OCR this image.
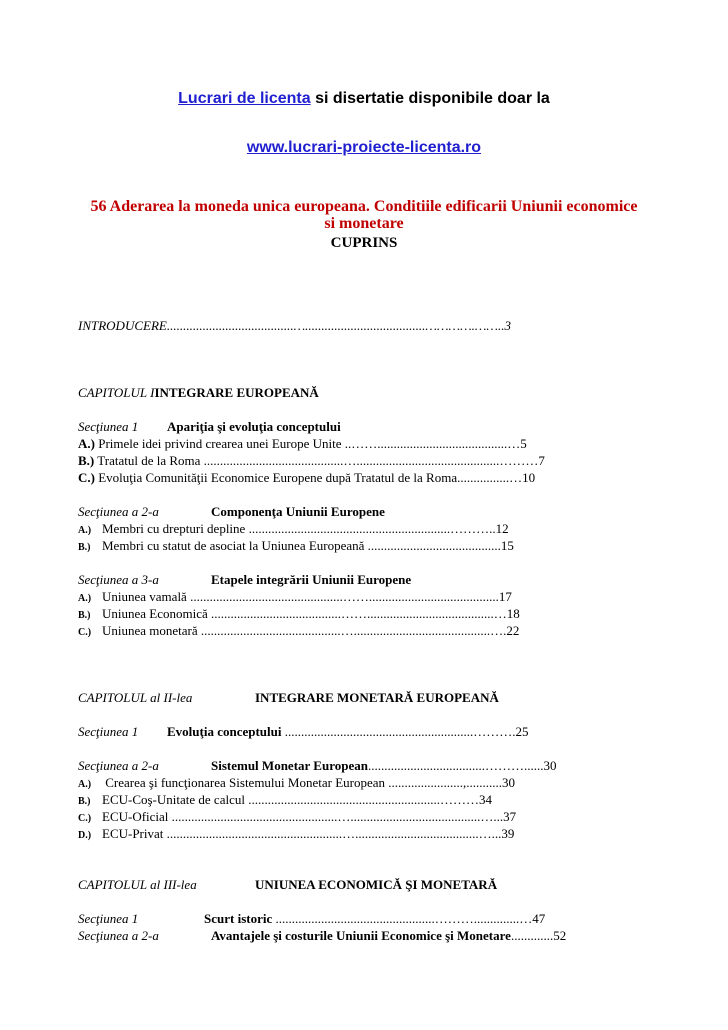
Lucrari de licenta si disertatie disponibile doar la
www.lucrari-proiecte-licenta.ro
56 Aderarea la moneda unica europeana. Conditiile edificarii Uniunii economice
si monetare
CUPRINS
INTRODUCERE.......................................….....................................………….……..3
CAPITOLUL IINTEGRARE EUROPEANĂ
Secţiunea 1 Apariţia şi evoluţia conceptului
A.) Primele idei privind crearea unei Europe Unite ..……........................................…5
B.) Tratatul de la Roma ...........................................…............................................………7
C.) Evoluţia Comunităţii Economice Europene după Tratatul de la Roma................…10
Secţiunea a 2-a	Componenţa Uniunii Europene
A.) Membri cu drepturi depline ..............................................................………..12
B.) Membri cu statut de asociat la Uniunea Europeană .........................................15
Secţiunea a 3-a	Etapele integrării Uniunii Europene
A.) Uniunea vamală ...............................................……........................................17
B.) Uniunea Economică ........................................…….......................................…18
C.) Uniunea monetară ...........................................…..........................................….22
CAPITOLUL al II-lea	INTEGRARE MONETARĂ EUROPEANĂ
Secţiunea 1 Evoluţia conceptului ..........................................................……….25
Secţiunea a 2-a	Sistemul Monetar European....................................………......30
A.) Crearea şi funcţionarea Sistemului Monetar European .......................,...........30
B.) ECU-Coş-Unitate de calcul ...........................................................………34
C.) ECU-Oficial ...................................................…........................................…...37
D.) ECU-Privat ......................................................…......................................…...39
CAPITOLUL al III-lea	UNIUNEA ECONOMICĂ ŞI MONETARĂ
Secţiunea 1	Scurt istoric .................................................………..............…47
Secţiunea a 2-a	Avantajele şi costurile Uniunii Economice şi Monetare.............52
